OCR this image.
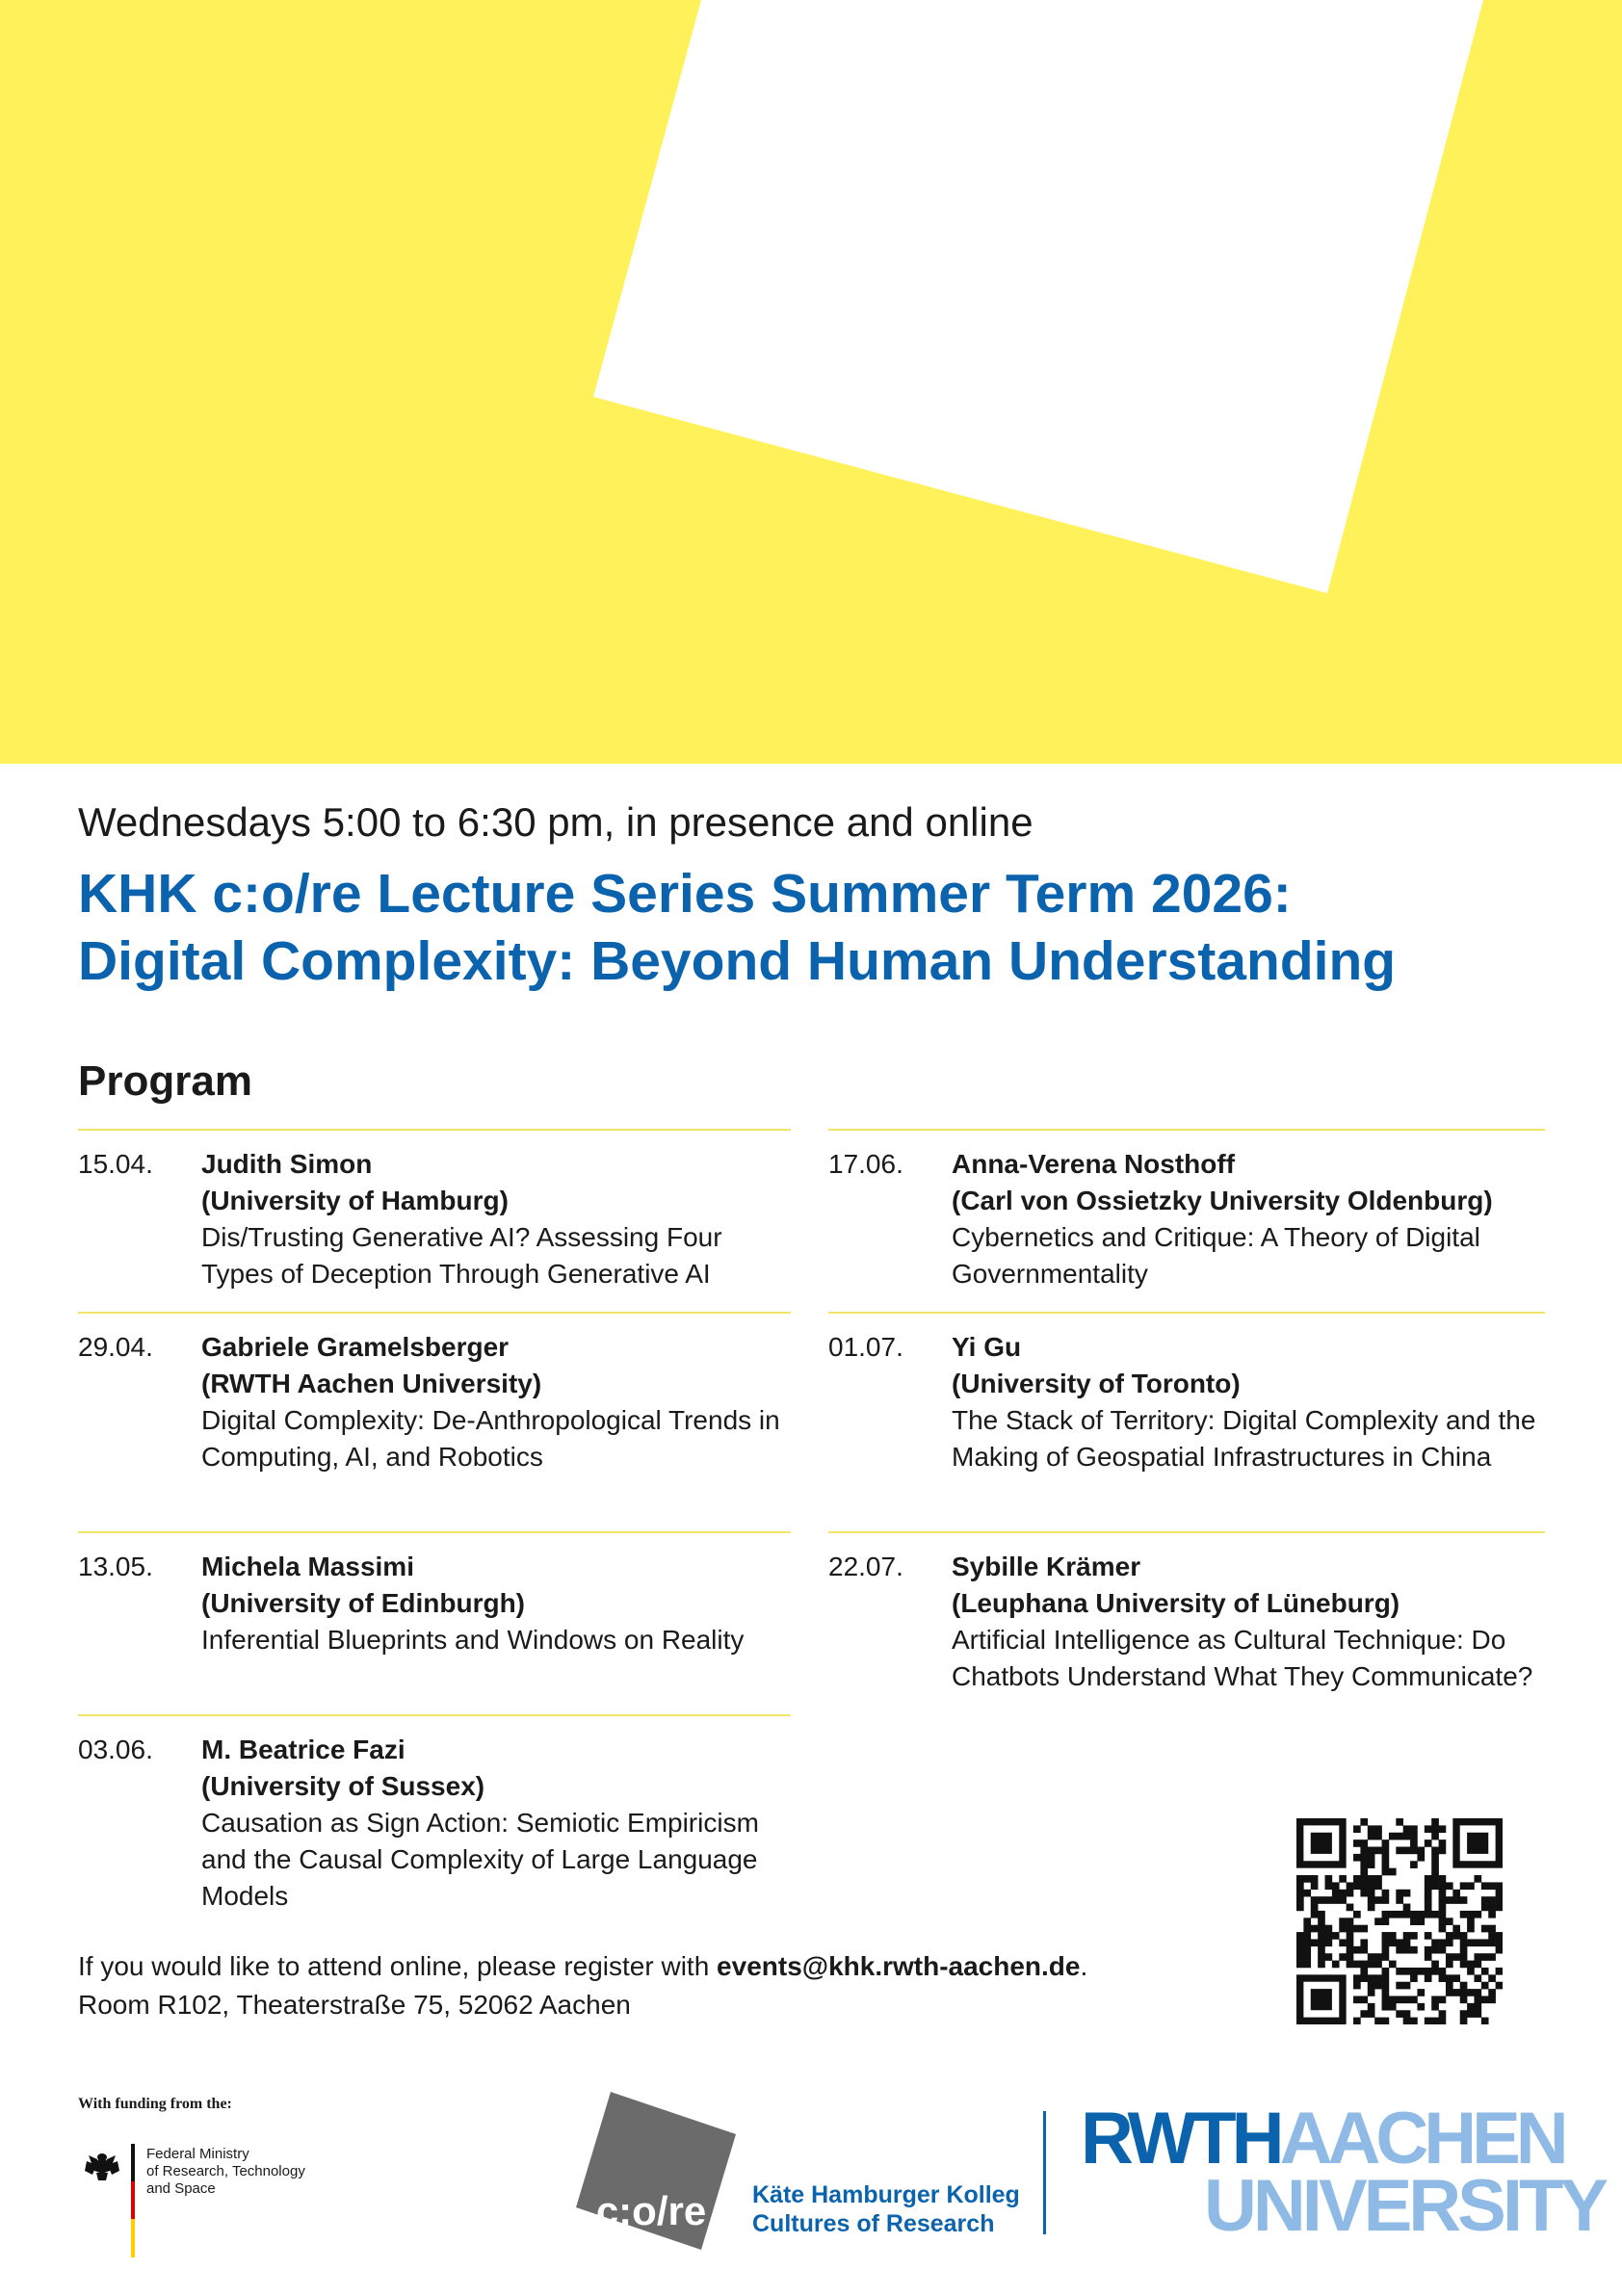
Wednesdays 5:00 to 6:30 pm, in presence and online
KHK c:o/re Lecture Series Summer Term 2026:
Digital Complexity: Beyond Human Understanding
Program
15.04. Judith Simon
(University of Hamburg)
Dis/Trusting Generative AI? Assessing Four Types of Deception Through Generative AI
29.04. Gabriele Gramelsberger
(RWTH Aachen University)
Digital Complexity: De-Anthropological Trends in Computing, AI, and Robotics
13.05. Michela Massimi
(University of Edinburgh)
Inferential Blueprints and Windows on Reality
03.06. M. Beatrice Fazi
(University of Sussex)
Causation as Sign Action: Semiotic Empiricism and the Causal Complexity of Large Language Models
17.06. Anna-Verena Nosthoff
(Carl von Ossietzky University Oldenburg)
Cybernetics and Critique: A Theory of Digital Governmentality
01.07. Yi Gu
(University of Toronto)
The Stack of Territory: Digital Complexity and the Making of Geospatial Infrastructures in China
22.07. Sybille Krämer
(Leuphana University of Lüneburg)
Artificial Intelligence as Cultural Technique: Do Chatbots Understand What They Communicate?
If you would like to attend online, please register with events@khk.rwth-aachen.de.
Room R102, Theaterstraße 75, 52062 Aachen
With funding from the:
Federal Ministry
of Research, Technology
and Space	c:o/re Käte Hamburger Kolleg
Cultures of Research
RWTHAACHEN
UNIVERSITY
